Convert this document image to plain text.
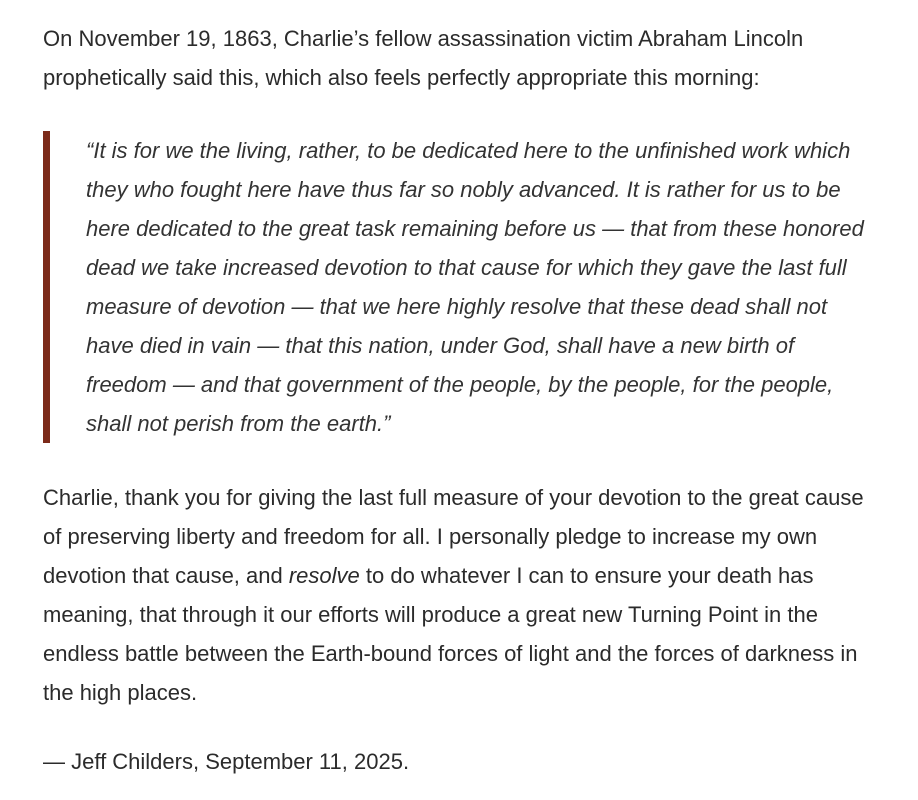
On November 19, 1863, Charlie’s fellow assassination victim Abraham Lincoln prophetically said this, which also feels perfectly appropriate this morning:

“It is for we the living, rather, to be dedicated here to the unfinished work which they who fought here have thus far so nobly advanced. It is rather for us to be here dedicated to the great task remaining before us — that from these honored dead we take increased devotion to that cause for which they gave the last full measure of devotion — that we here highly resolve that these dead shall not have died in vain — that this nation, under God, shall have a new birth of freedom — and that government of the people, by the people, for the people, shall not perish from the earth.”

Charlie, thank you for giving the last full measure of your devotion to the great cause of preserving liberty and freedom for all. I personally pledge to increase my own devotion that cause, and resolve to do whatever I can to ensure your death has meaning, that through it our efforts will produce a great new Turning Point in the endless battle between the Earth-bound forces of light and the forces of darkness in the high places.

— Jeff Childers, September 11, 2025.
